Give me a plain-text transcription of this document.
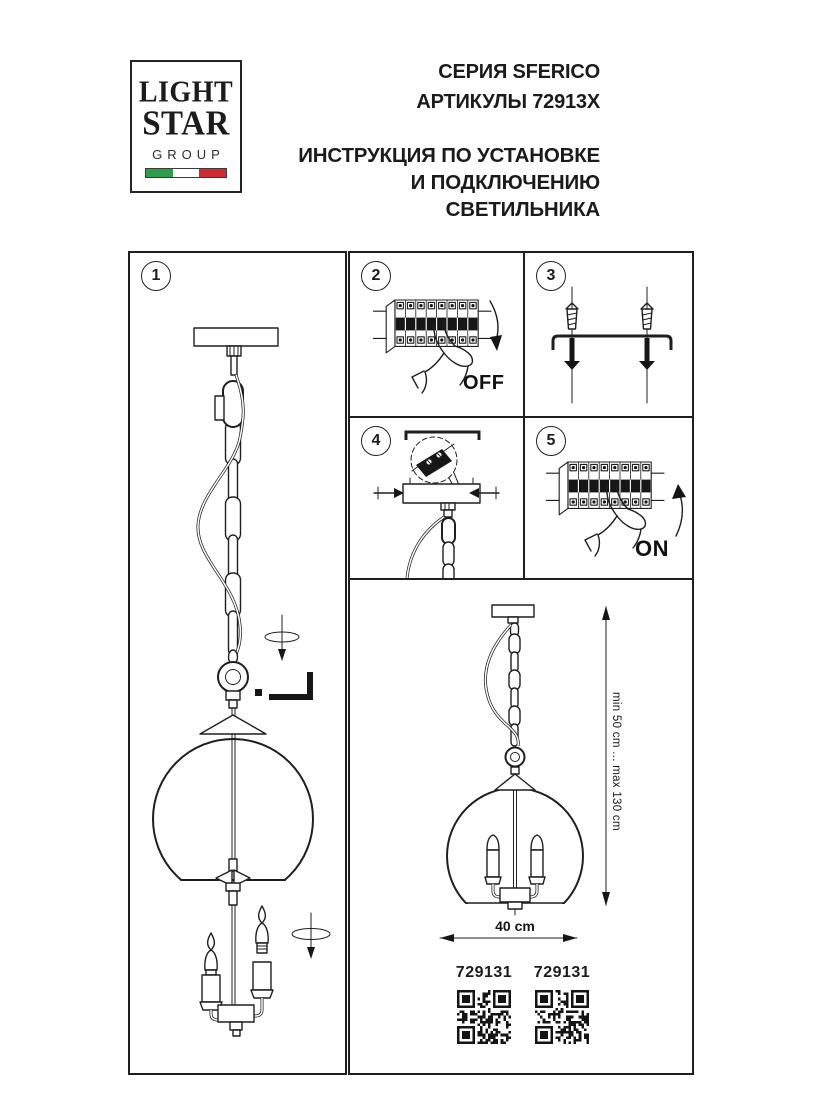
LIGHT
STAR
GROUP
СЕРИЯ SFERICO
АРТИКУЛЫ 72913X
ИНСТРУКЦИЯ ПО УСТАНОВКЕ
И ПОДКЛЮЧЕНИЮ СВЕТИЛЬНИКА
1	2
OFF
3
4	5
ON
min 50 cm ... max 130 cm
40 cm
729131 729131
